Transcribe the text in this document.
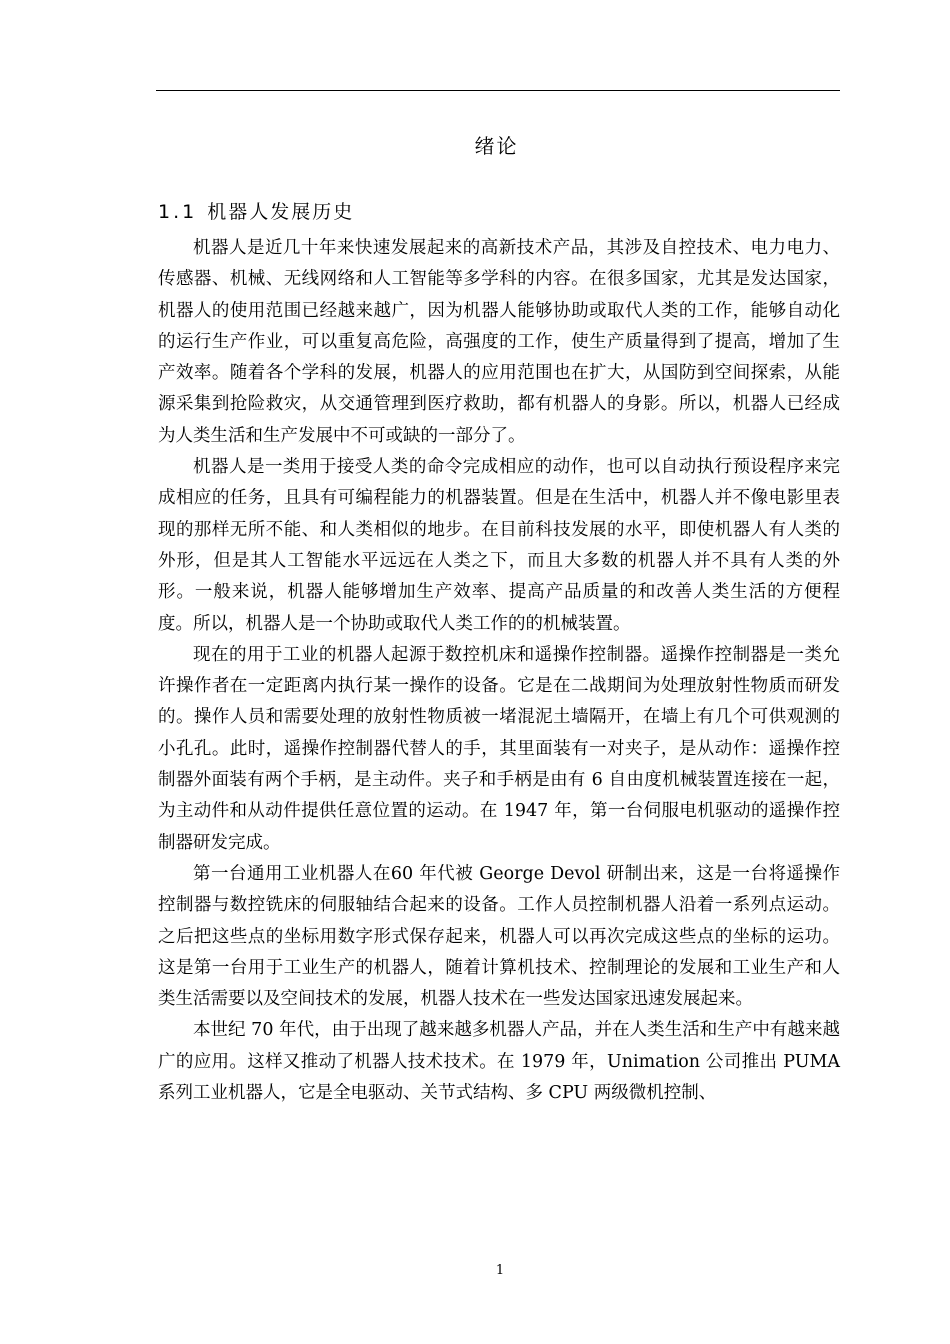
绪论
1.1 机器人发展历史

机器人是近几十年来快速发展起来的高新技术产品，其涉及自控技术、电力电力、传感器、机械、无线网络和人工智能等多学科的内容。在很多国家，尤其是发达国家，机器人的使用范围已经越来越广，因为机器人能够协助或取代人类的工作，能够自动化的运行生产作业，可以重复高危险，高强度的工作，使生产质量得到了提高，增加了生产效率。随着各个学科的发展，机器人的应用范围也在扩大，从国防到空间探索，从能源采集到抢险救灾，从交通管理到医疗救助，都有机器人的身影。所以，机器人已经成为人类生活和生产发展中不可或缺的一部分了。

机器人是一类用于接受人类的命令完成相应的动作，也可以自动执行预设程序来完成相应的任务，且具有可编程能力的机器装置。但是在生活中，机器人并不像电影里表现的那样无所不能、和人类相似的地步。在目前科技发展的水平，即使机器人有人类的外形，但是其人工智能水平远远在人类之下，而且大多数的机器人并不具有人类的外形。一般来说，机器人能够增加生产效率、提高产品质量的和改善人类生活的方便程度。所以，机器人是一个协助或取代人类工作的的机械装置。

现在的用于工业的机器人起源于数控机床和遥操作控制器。遥操作控制器是一类允许操作者在一定距离内执行某一操作的设备。它是在二战期间为处理放射性物质而研发的。操作人员和需要处理的放射性物质被一堵混泥土墙隔开，在墙上有几个可供观测的小孔孔。此时，遥操作控制器代替人的手，其里面装有一对夹子，是从动作：遥操作控制器外面装有两个手柄，是主动件。夹子和手柄是由有 6 自由度机械装置连接在一起，为主动件和从动件提供任意位置的运动。在 1947 年，第一台伺服电机驱动的遥操作控制器研发完成。

第一台通用工业机器人在60 年代被 George Devol 研制出来，这是一台将遥操作控制器与数控铣床的伺服轴结合起来的设备。工作人员控制机器人沿着一系列点运动。之后把这些点的坐标用数字形式保存起来，机器人可以再次完成这些点的坐标的运功。这是第一台用于工业生产的机器人，随着计算机技术、控制理论的发展和工业生产和人类生活需要以及空间技术的发展，机器人技术在一些发达国家迅速发展起来。

本世纪 70 年代，由于出现了越来越多机器人产品，并在人类生活和生产中有越来越广的应用。这样又推动了机器人技术技术。在 1979 年，Unimation 公司推出 PUMA 系列工业机器人，它是全电驱动、关节式结构、多 CPU 两级微机控制、

1
